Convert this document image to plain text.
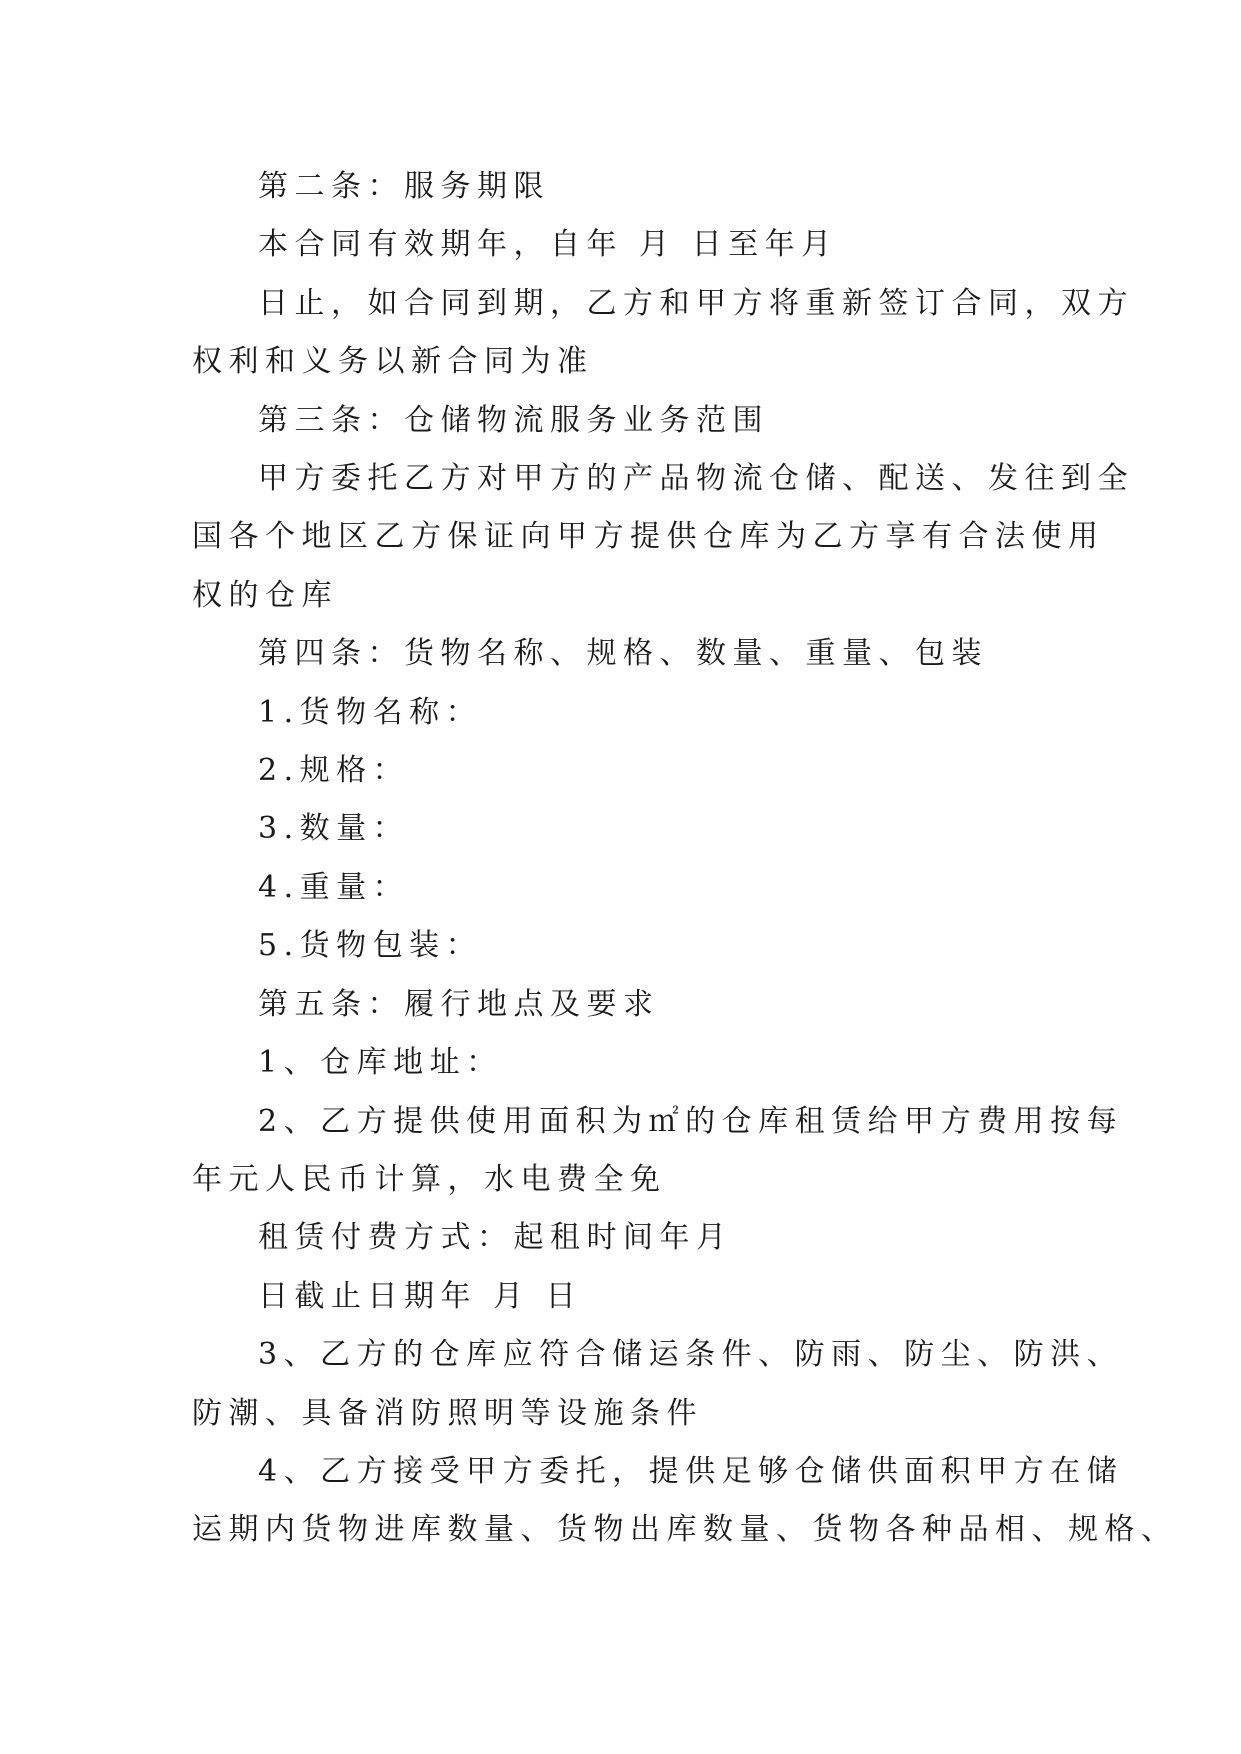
第二条：服务期限

本合同有效期年，自年 月 日至年月

日止，如合同到期，乙方和甲方将重新签订合同，双方

权利和义务以新合同为准

第三条：仓储物流服务业务范围

甲方委托乙方对甲方的产品物流仓储、配送、发往到全

国各个地区乙方保证向甲方提供仓库为乙方享有合法使用

权的仓库

第四条：货物名称、规格、数量、重量、包装

1.货物名称：

2.规格：

3.数量：

4.重量：

5.货物包装：

第五条：履行地点及要求

1、仓库地址：

2、乙方提供使用面积为㎡的仓库租赁给甲方费用按每

年元人民币计算，水电费全免

租赁付费方式：起租时间年月

日截止日期年 月 日

3、乙方的仓库应符合储运条件、防雨、防尘、防洪、

防潮、具备消防照明等设施条件

4、乙方接受甲方委托，提供足够仓储供面积甲方在储

运期内货物进库数量、货物出库数量、货物各种品相、规格、
